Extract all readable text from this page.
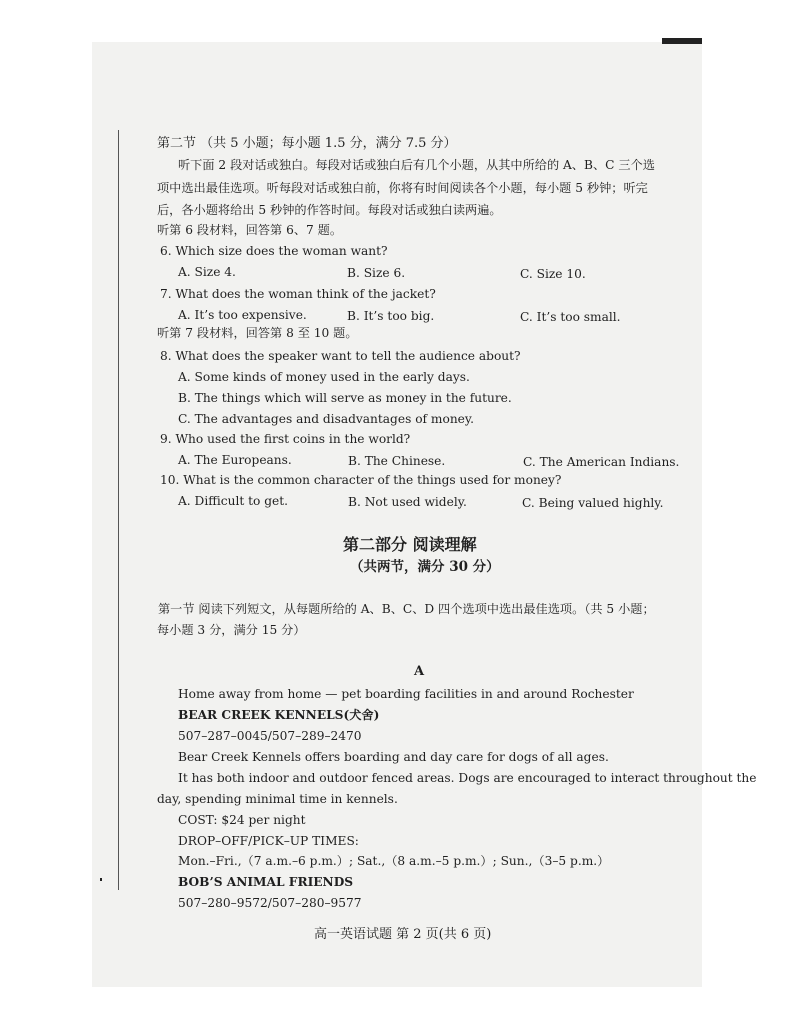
第二节 （共 5 小题；每小题 1.5 分，满分 7.5 分）
听下面 2 段对话或独白。每段对话或独白后有几个小题，从其中所给的 A、B、C 三个选
项中选出最佳选项。听每段对话或独白前，你将有时间阅读各个小题，每小题 5 秒钟；听完
后，各小题将给出 5 秒钟的作答时间。每段对话或独白读两遍。
听第 6 段材料，回答第 6、7 题。
6. Which size does the woman want?
A. Size 4.	B. Size 6.	C. Size 10.
7. What does the woman think of the jacket?
A. It’s too expensive.	B. It’s too big.	C. It’s too small.
听第 7 段材料，回答第 8 至 10 题。
8. What does the speaker want to tell the audience about?
A. Some kinds of money used in the early days.
B. The things which will serve as money in the future.
C. The advantages and disadvantages of money.
9. Who used the first coins in the world?
A. The Europeans.	B. The Chinese.	C. The American Indians.
10. What is the common character of the things used for money?
A. Difficult to get.	B. Not used widely.	C. Being valued highly.
第二部分 阅读理解
（共两节，满分 30 分）
第一节 阅读下列短文，从每题所给的 A、B、C、D 四个选项中选出最佳选项。（共 5 小题；
每小题 3 分，满分 15 分）
A
Home away from home — pet boarding facilities in and around Rochester
BEAR CREEK KENNELS(犬舍)
507–287–0045/507–289–2470
Bear Creek Kennels offers boarding and day care for dogs of all ages.
It has both indoor and outdoor fenced areas. Dogs are encouraged to interact throughout the
day, spending minimal time in kennels.
COST: $24 per night
DROP–OFF/PICK–UP TIMES:
Mon.–Fri.,（7 a.m.–6 p.m.）; Sat.,（8 a.m.–5 p.m.）; Sun.,（3–5 p.m.）
BOB’S ANIMAL FRIENDS
507–280–9572/507–280–9577
高一英语试题 第 2 页(共 6 页)
